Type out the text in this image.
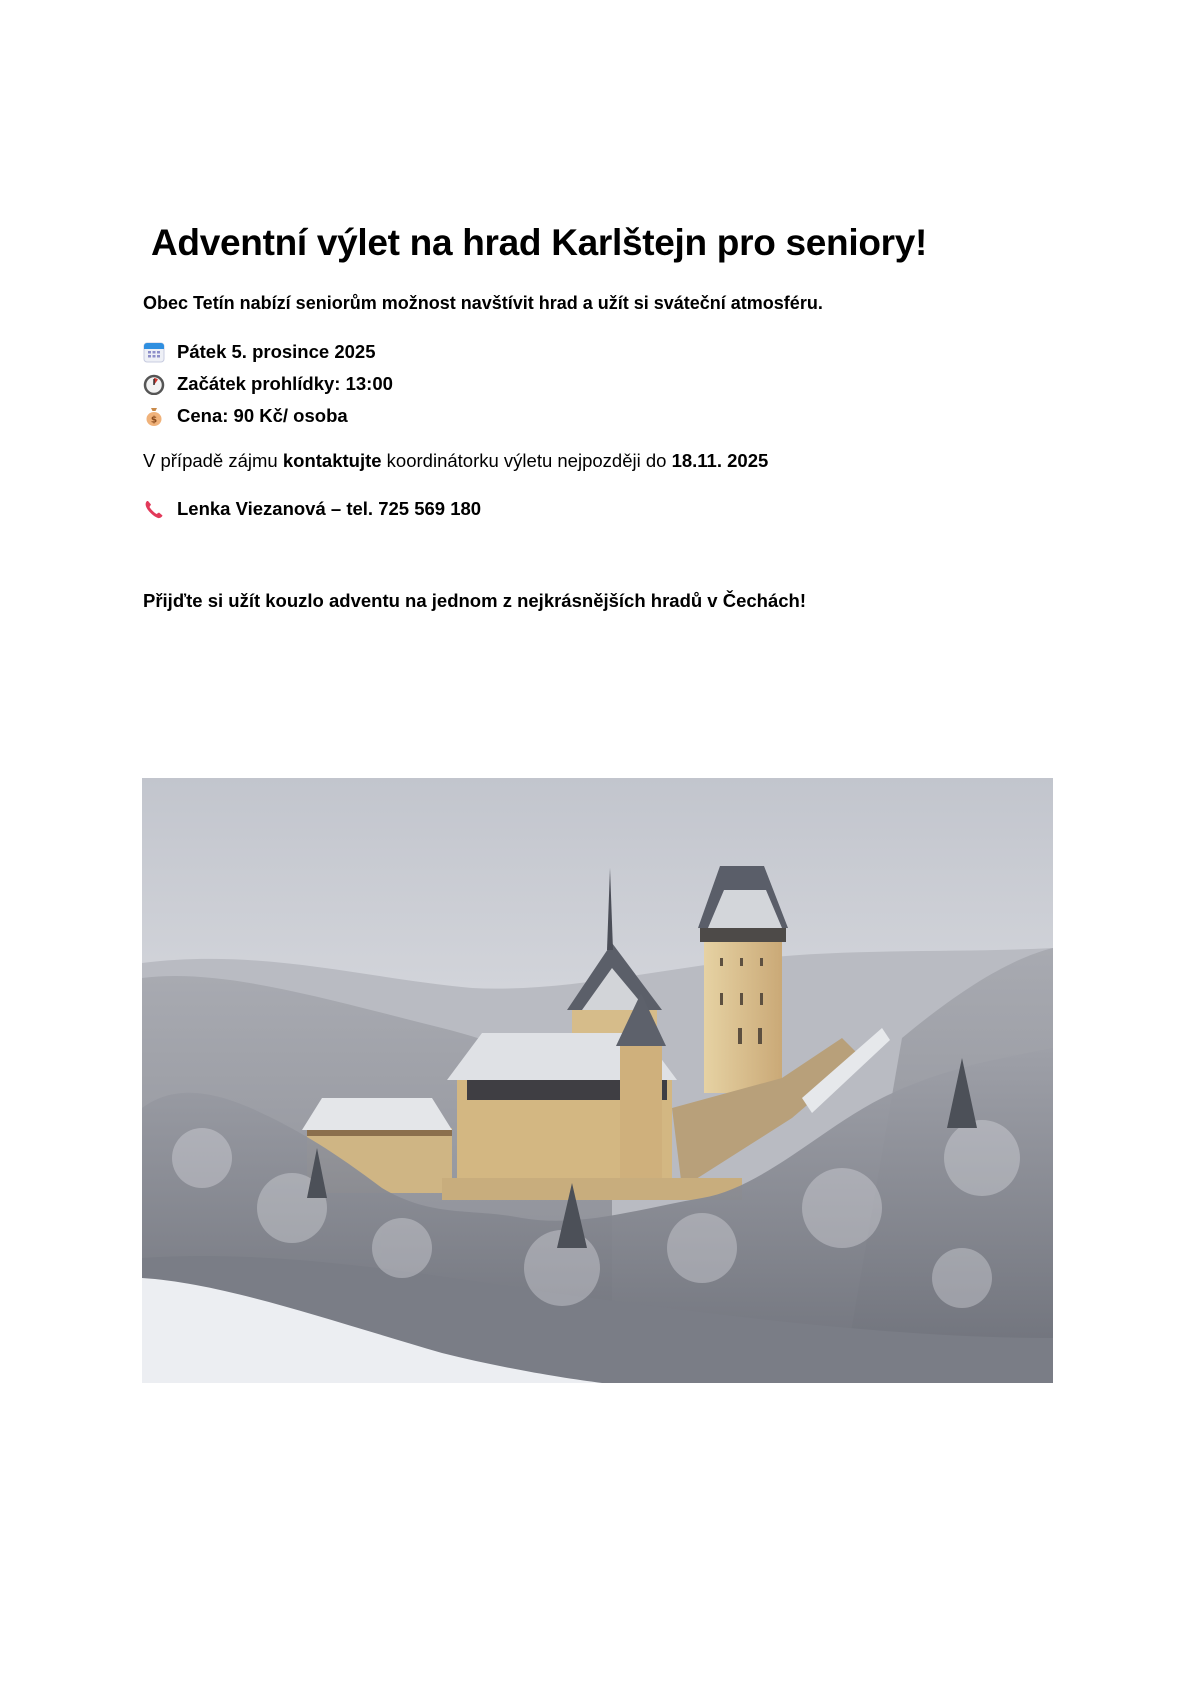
Adventní výlet na hrad Karlštejn pro seniory!
Obec Tetín nabízí seniorům možnost navštívit hrad a užít si sváteční atmosféru.
Pátek 5. prosince 2025
Začátek prohlídky: 13:00
$ Cena: 90 Kč/ osoba
V případě zájmu kontaktujte koordinátorku výletu nejpozději do 18.11. 2025
Lenka Viezanová – tel. 725 569 180
Přijďte si užít kouzlo adventu na jednom z nejkrásnějších hradů v Čechách!
